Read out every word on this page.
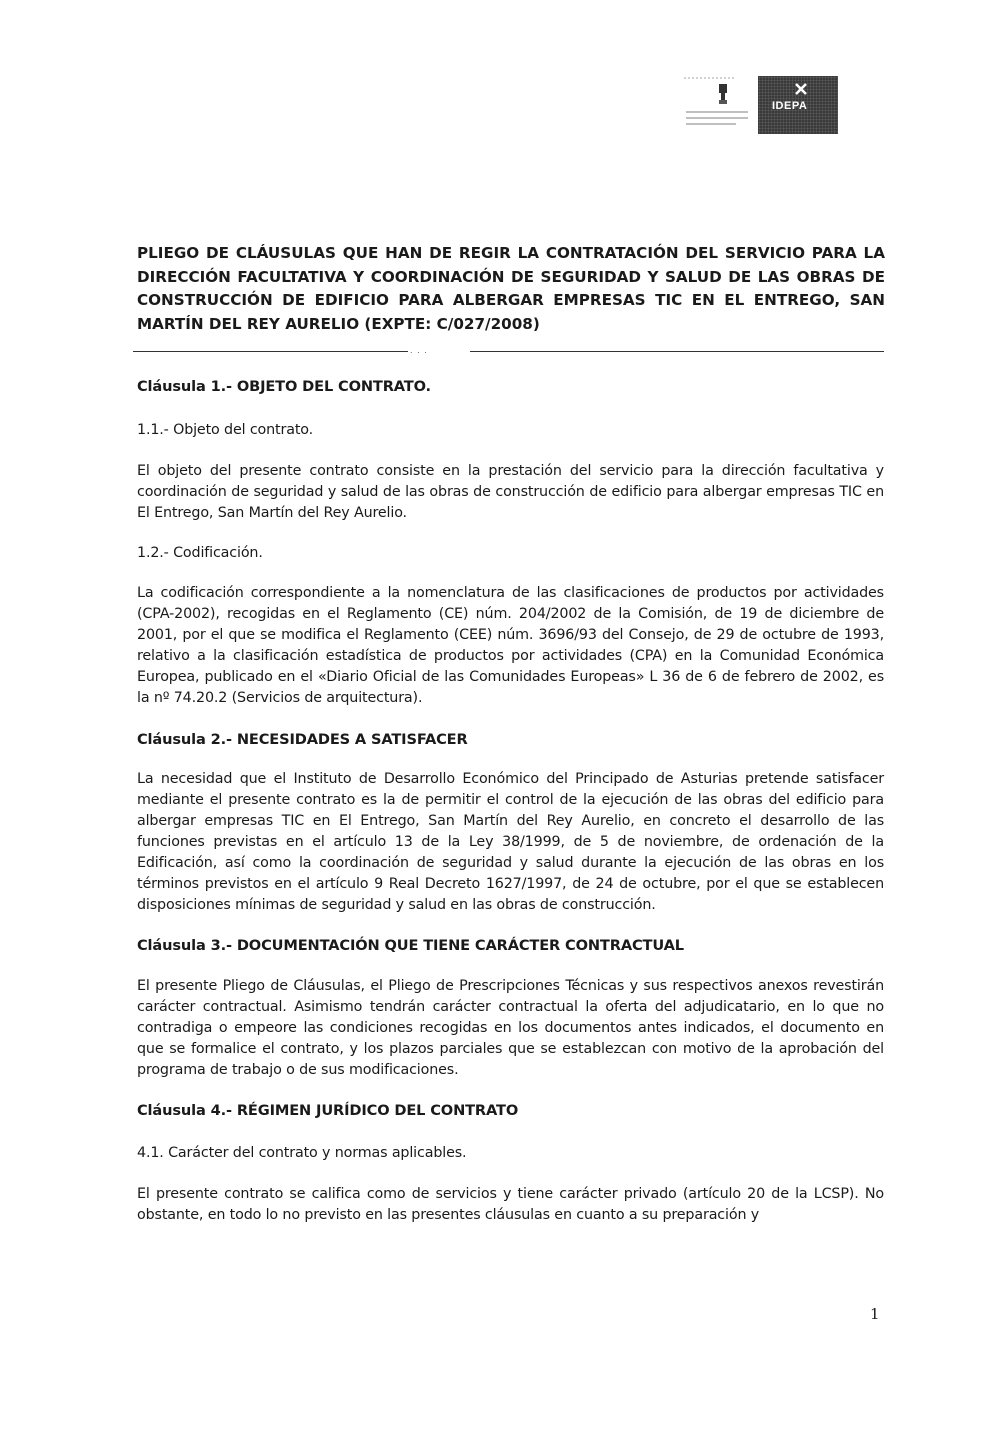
IDEPA
PLIEGO DE CLÁUSULAS QUE HAN DE REGIR LA CONTRATACIÓN DEL SERVICIO PARA LA DIRECCIÓN FACULTATIVA Y COORDINACIÓN DE SEGURIDAD Y SALUD DE LAS OBRAS DE CONSTRUCCIÓN DE EDIFICIO PARA ALBERGAR EMPRESAS TIC EN EL ENTREGO, SAN MARTÍN DEL REY AURELIO (EXPTE: C/027/2008)
. . .

Cláusula 1.- OBJETO DEL CONTRATO.

1.1.- Objeto del contrato.

El objeto del presente contrato consiste en la prestación del servicio para la dirección facultativa y coordinación de seguridad y salud de las obras de construcción de edificio para albergar empresas TIC en El Entrego, San Martín del Rey Aurelio.

1.2.- Codificación.

La codificación correspondiente a la nomenclatura de las clasificaciones de productos por actividades (CPA-2002), recogidas en el Reglamento (CE) núm. 204/2002 de la Comisión, de 19 de diciembre de 2001, por el que se modifica el Reglamento (CEE) núm. 3696/93 del Consejo, de 29 de octubre de 1993, relativo a la clasificación estadística de productos por actividades (CPA) en la Comunidad Económica Europea, publicado en el «Diario Oficial de las Comunidades Europeas» L 36 de 6 de febrero de 2002, es la nº 74.20.2 (Servicios de arquitectura).

Cláusula 2.- NECESIDADES A SATISFACER

La necesidad que el Instituto de Desarrollo Económico del Principado de Asturias pretende satisfacer mediante el presente contrato es la de permitir el control de la ejecución de las obras del edificio para albergar empresas TIC en El Entrego, San Martín del Rey Aurelio, en concreto el desarrollo de las funciones previstas en el artículo 13 de la Ley 38/1999, de 5 de noviembre, de ordenación de la Edificación, así como la coordinación de seguridad y salud durante la ejecución de las obras en los términos previstos en el artículo 9 Real Decreto 1627/1997, de 24 de octubre, por el que se establecen disposiciones mínimas de seguridad y salud en las obras de construcción.

Cláusula 3.- DOCUMENTACIÓN QUE TIENE CARÁCTER CONTRACTUAL

El presente Pliego de Cláusulas, el Pliego de Prescripciones Técnicas y sus respectivos anexos revestirán carácter contractual. Asimismo tendrán carácter contractual la oferta del adjudicatario, en lo que no contradiga o empeore las condiciones recogidas en los documentos antes indicados, el documento en que se formalice el contrato, y los plazos parciales que se establezcan con motivo de la aprobación del programa de trabajo o de sus modificaciones.

Cláusula 4.- RÉGIMEN JURÍDICO DEL CONTRATO

4.1. Carácter del contrato y normas aplicables.

El presente contrato se califica como de servicios y tiene carácter privado (artículo 20 de la LCSP). No obstante, en todo lo no previsto en las presentes cláusulas en cuanto a su preparación y

1
